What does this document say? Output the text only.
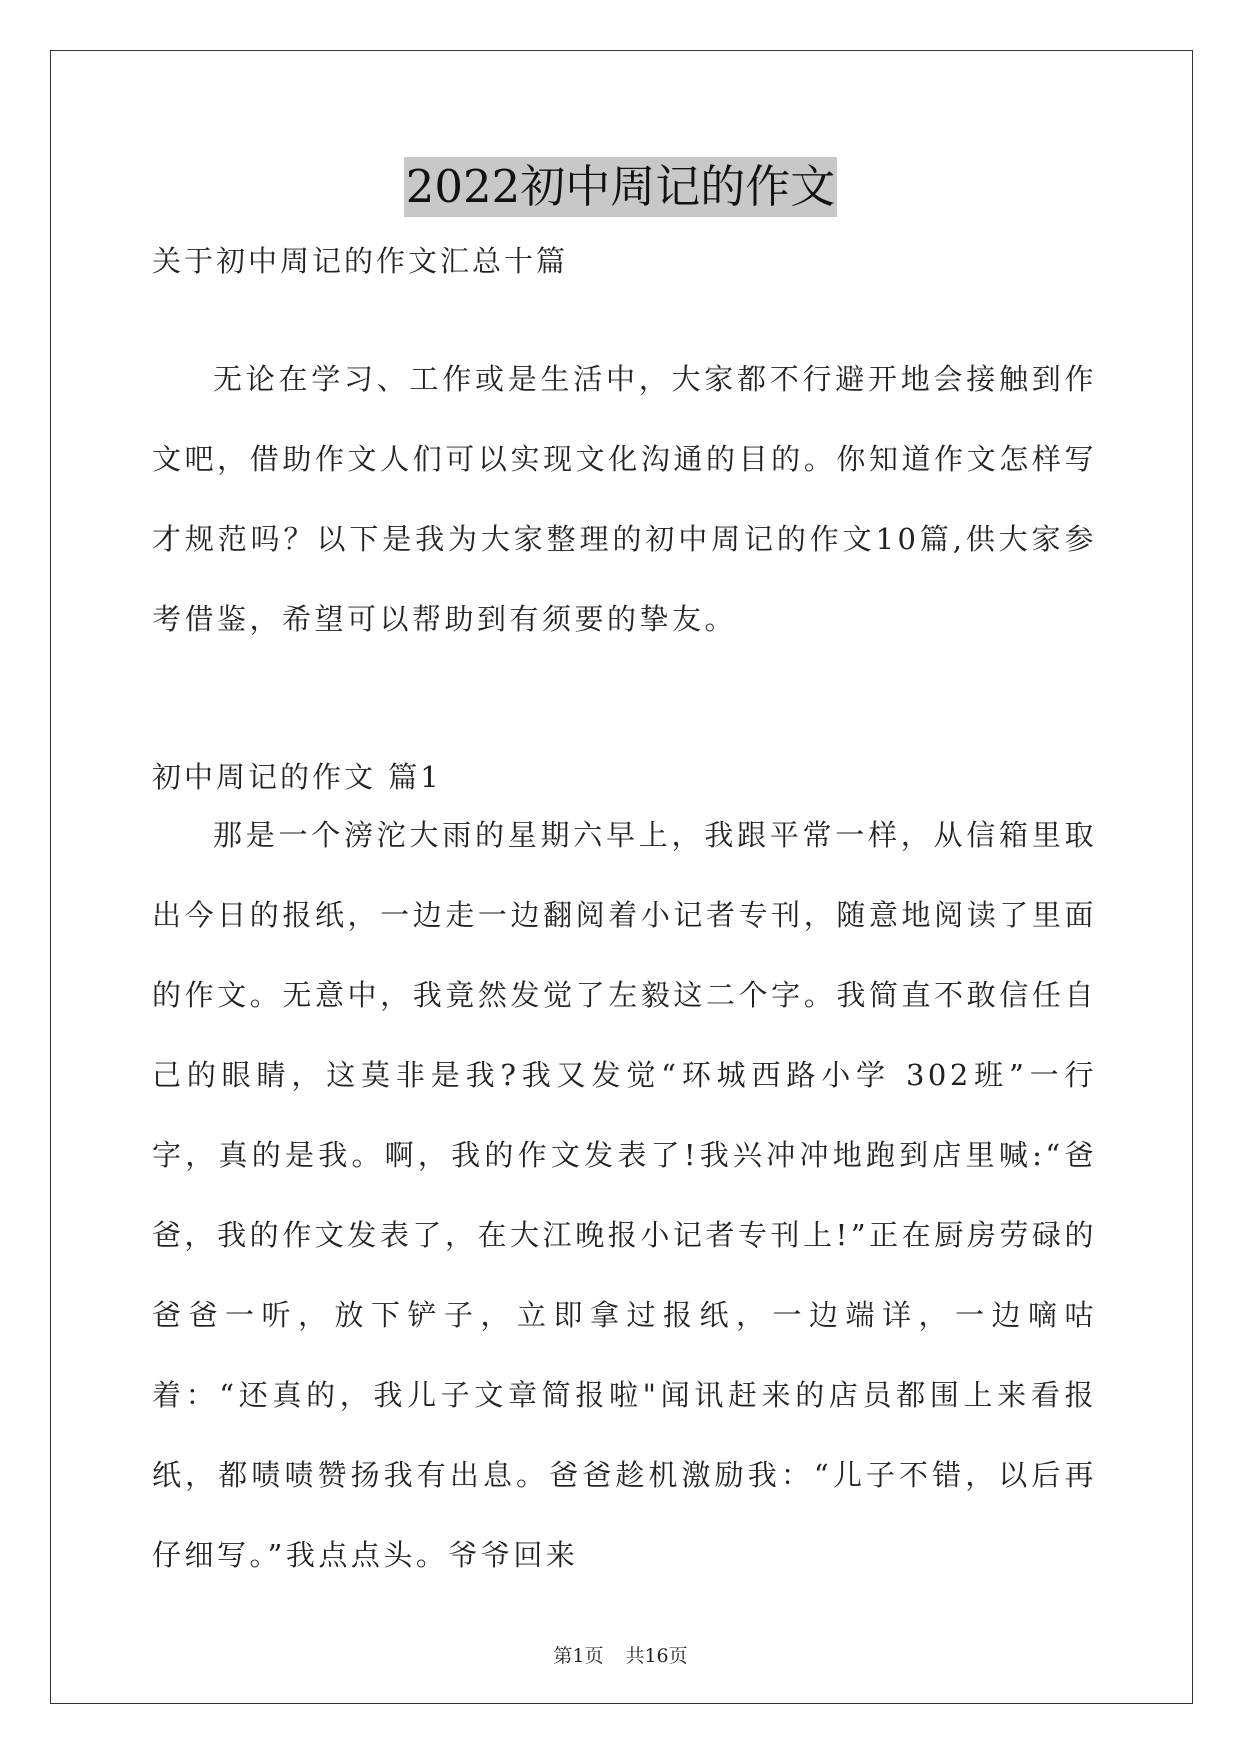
2022初中周记的作文
关于初中周记的作文汇总十篇

无论在学习、工作或是生活中，大家都不行避开地会接触到作文吧，借助作文人们可以实现文化沟通的目的。你知道作文怎样写才规范吗？以下是我为大家整理的初中周记的作文10篇,供大家参考借鉴，希望可以帮助到有须要的挚友。

初中周记的作文 篇1

那是一个滂沱大雨的星期六早上，我跟平常一样，从信箱里取出今日的报纸，一边走一边翻阅着小记者专刊，随意地阅读了里面的作文。无意中，我竟然发觉了左毅这二个字。我简直不敢信任自己的眼睛，这莫非是我?我又发觉“环城西路小学 302班”一行字，真的是我。啊，我的作文发表了!我兴冲冲地跑到店里喊:“爸爸，我的作文发表了，在大江晚报小记者专刊上!”正在厨房劳碌的爸爸一听，放下铲子，立即拿过报纸，一边端详，一边嘀咕着：“还真的，我儿子文章简报啦"闻讯赶来的店员都围上来看报纸，都啧啧赞扬我有出息。爸爸趁机激励我：“儿子不错，以后再仔细写。”我点点头。爷爷回来

第1页 共16页
